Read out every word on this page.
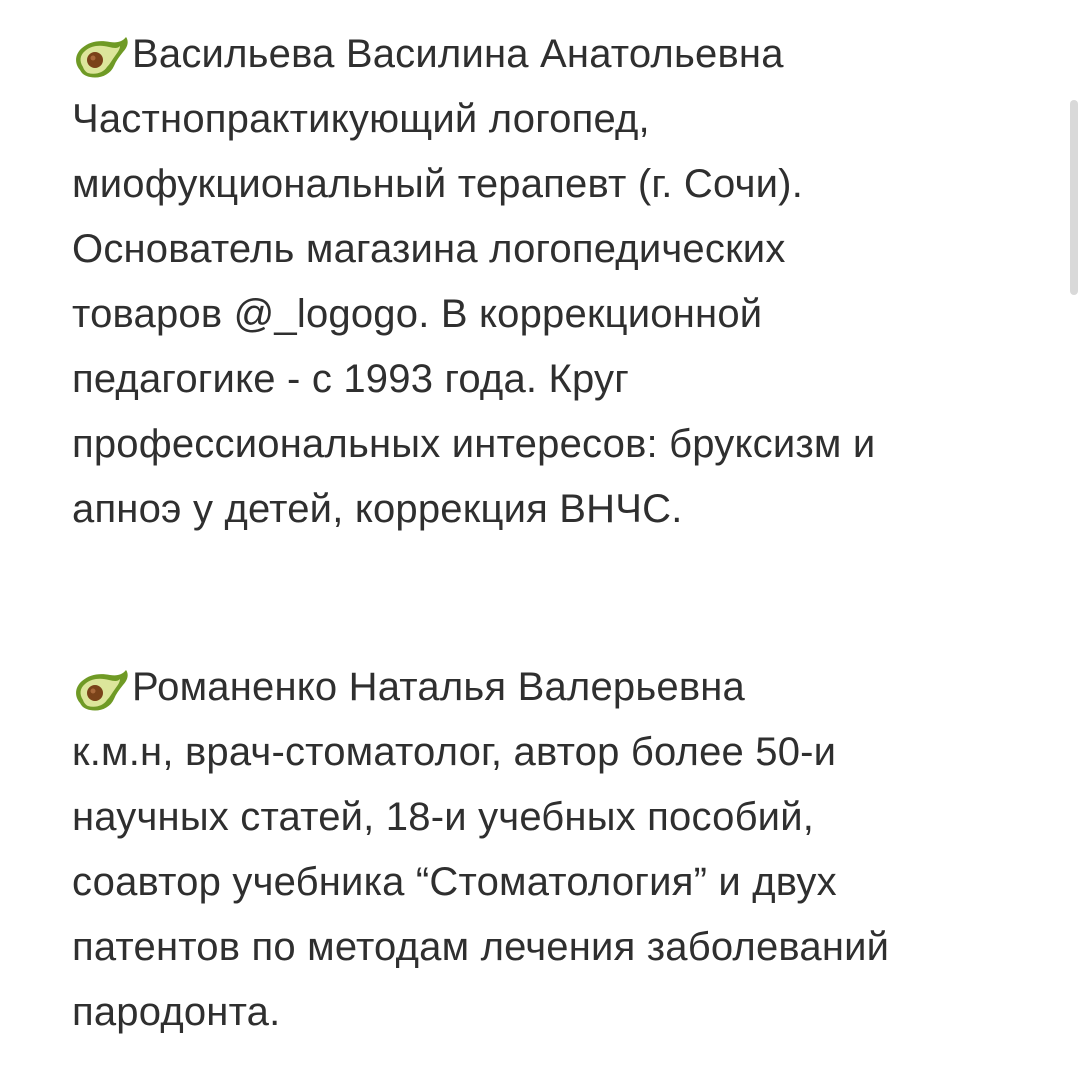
Васильева Василина Анатольевна
Частнопрактикующий логопед,
миофукциональный терапевт (г. Сочи).
Основатель магазина логопедических
товаров @_logogo. В коррекционной
педагогике - с 1993 года. Круг
профессиональных интересов: бруксизм и
апноэ у детей, коррекция ВНЧС.
Романенко Наталья Валерьевна
к.м.н, врач-стоматолог, автор более 50-и
научных статей, 18-и учебных пособий,
соавтор учебника “Стоматология” и двух
патентов по методам лечения заболеваний
пародонта.
